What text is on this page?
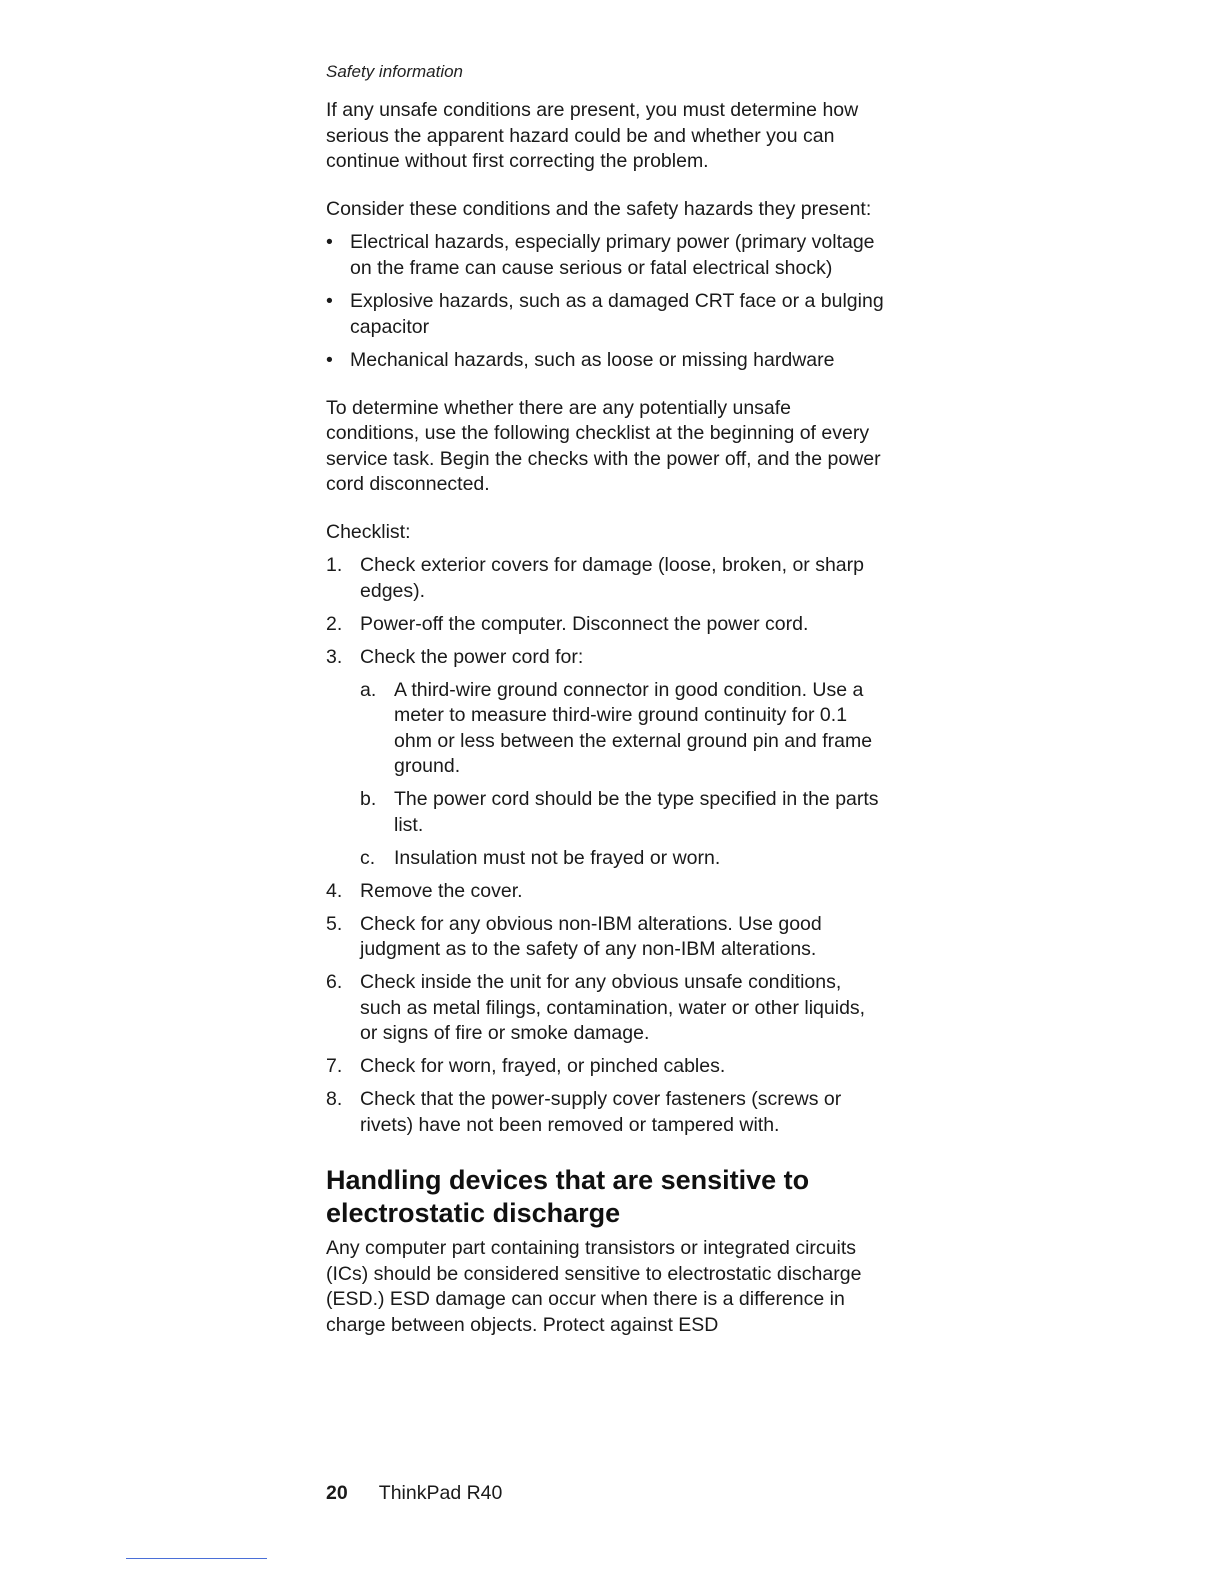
Safety information

If any unsafe conditions are present, you must determine how serious the apparent hazard could be and whether you can continue without first correcting the problem.

Consider these conditions and the safety hazards they present:

• Electrical hazards, especially primary power (primary voltage on the frame can cause serious or fatal electrical shock)
• Explosive hazards, such as a damaged CRT face or a bulging capacitor
• Mechanical hazards, such as loose or missing hardware

To determine whether there are any potentially unsafe conditions, use the following checklist at the beginning of every service task. Begin the checks with the power off, and the power cord disconnected.

Checklist:

1. Check exterior covers for damage (loose, broken, or sharp edges).
2. Power-off the computer. Disconnect the power cord.
3. Check the power cord for:
a. A third-wire ground connector in good condition. Use a meter to measure third-wire ground continuity for 0.1 ohm or less between the external ground pin and frame ground.
b. The power cord should be the type specified in the parts list.
c. Insulation must not be frayed or worn.
4. Remove the cover.
5. Check for any obvious non-IBM alterations. Use good judgment as to the safety of any non-IBM alterations.
6. Check inside the unit for any obvious unsafe conditions, such as metal filings, contamination, water or other liquids, or signs of fire or smoke damage.
7. Check for worn, frayed, or pinched cables.
8. Check that the power-supply cover fasteners (screws or rivets) have not been removed or tampered with.
Handling devices that are sensitive to electrostatic discharge

Any computer part containing transistors or integrated circuits (ICs) should be considered sensitive to electrostatic discharge (ESD.) ESD damage can occur when there is a difference in charge between objects. Protect against ESD

20 ThinkPad R40
